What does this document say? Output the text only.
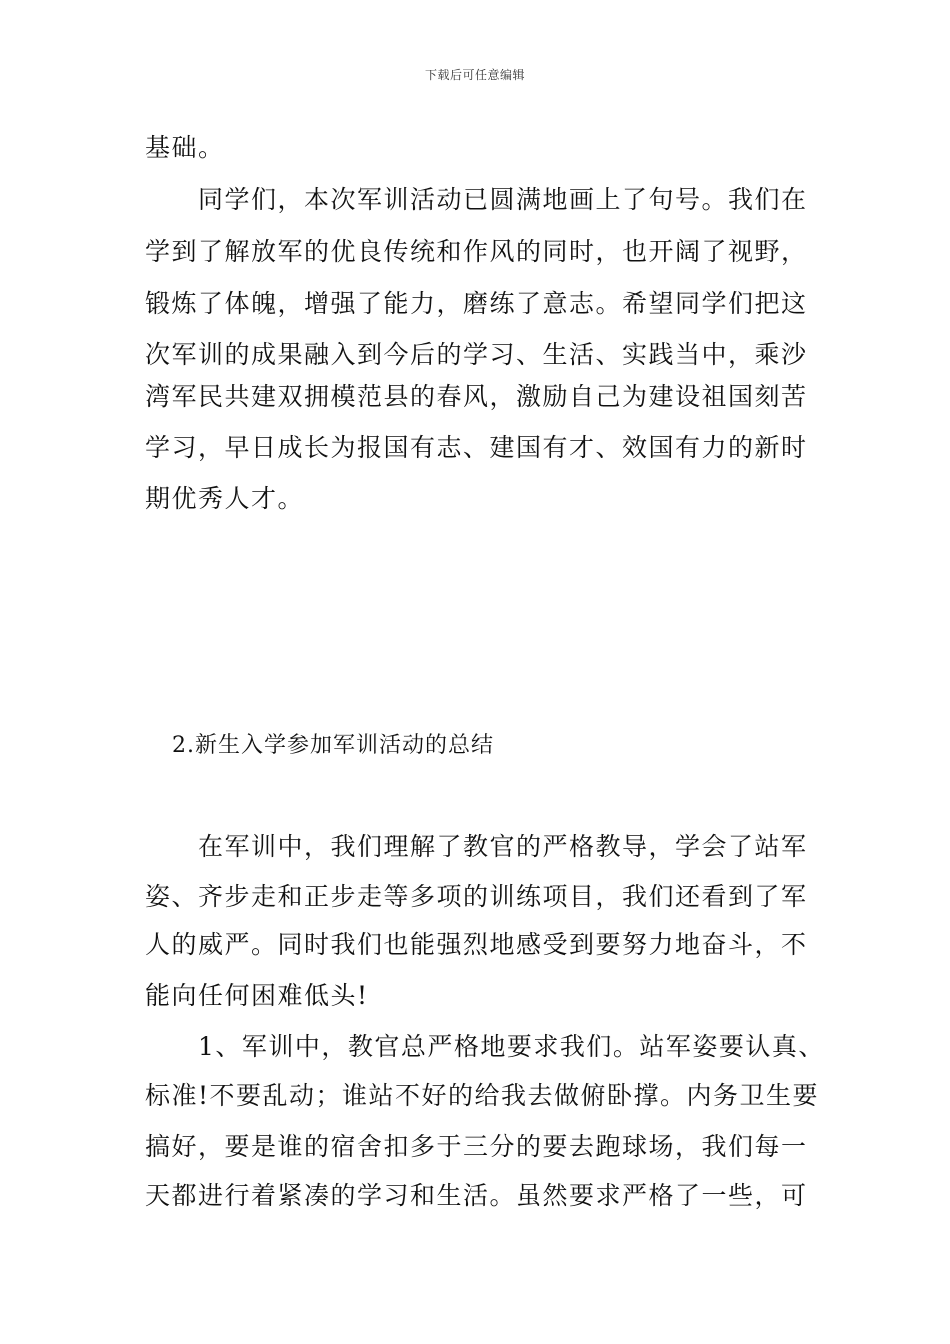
下载后可任意编辑
基础。
同学们，本次军训活动已圆满地画上了句号。我们在
学到了解放军的优良传统和作风的同时，也开阔了视野，
锻炼了体魄，增强了能力，磨练了意志。希望同学们把这
次军训的成果融入到今后的学习、生活、实践当中，乘沙
湾军民共建双拥模范县的春风，激励自己为建设祖国刻苦
学习，早日成长为报国有志、建国有才、效国有力的新时
期优秀人才。
2.新生入学参加军训活动的总结
在军训中，我们理解了教官的严格教导，学会了站军
姿、齐步走和正步走等多项的训练项目，我们还看到了军
人的威严。同时我们也能强烈地感受到要努力地奋斗，不
能向任何困难低头!
1、军训中，教官总严格地要求我们。站军姿要认真、
标准!不要乱动；谁站不好的给我去做俯卧撑。内务卫生要
搞好，要是谁的宿舍扣多于三分的要去跑球场，我们每一
天都进行着紧凑的学习和生活。虽然要求严格了一些，可
